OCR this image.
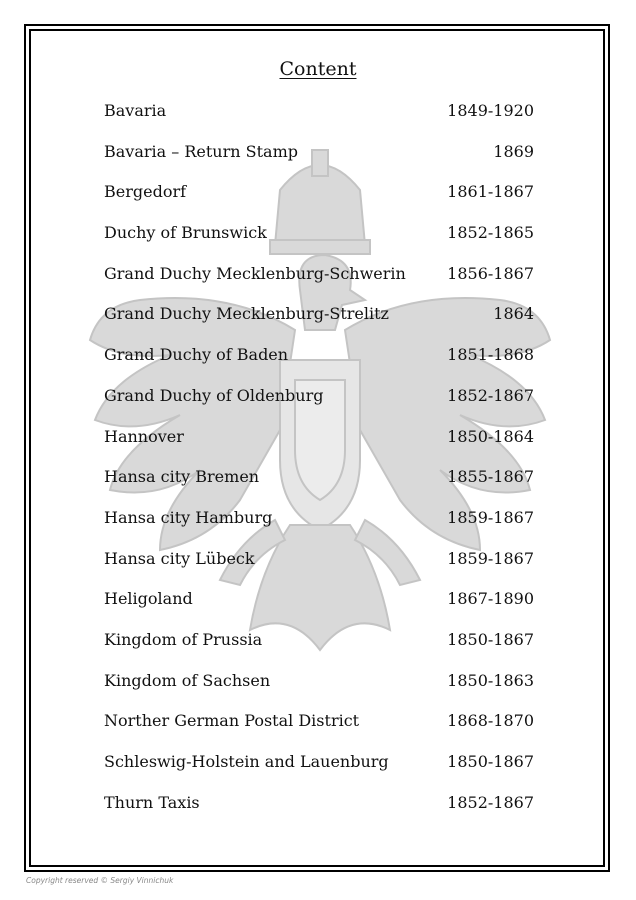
Content
Bavaria	1849-1920
Bavaria – Return Stamp	1869
Bergedorf	1861-1867
Duchy of Brunswick	1852-1865
Grand Duchy Mecklenburg-Schwerin	1856-1867
Grand Duchy Mecklenburg-Strelitz	1864
Grand Duchy of Baden	1851-1868
Grand Duchy of Oldenburg	1852-1867
Hannover	1850-1864
Hansa city Bremen	1855-1867
Hansa city Hamburg	1859-1867
Hansa city Lübeck	1859-1867
Heligoland	1867-1890
Kingdom of Prussia	1850-1867
Kingdom of Sachsen	1850-1863
Norther German Postal District	1868-1870
Schleswig-Holstein and Lauenburg	1850-1867
Thurn Taxis	1852-1867
Copyright reserved © Sergiy Vinnichuk
